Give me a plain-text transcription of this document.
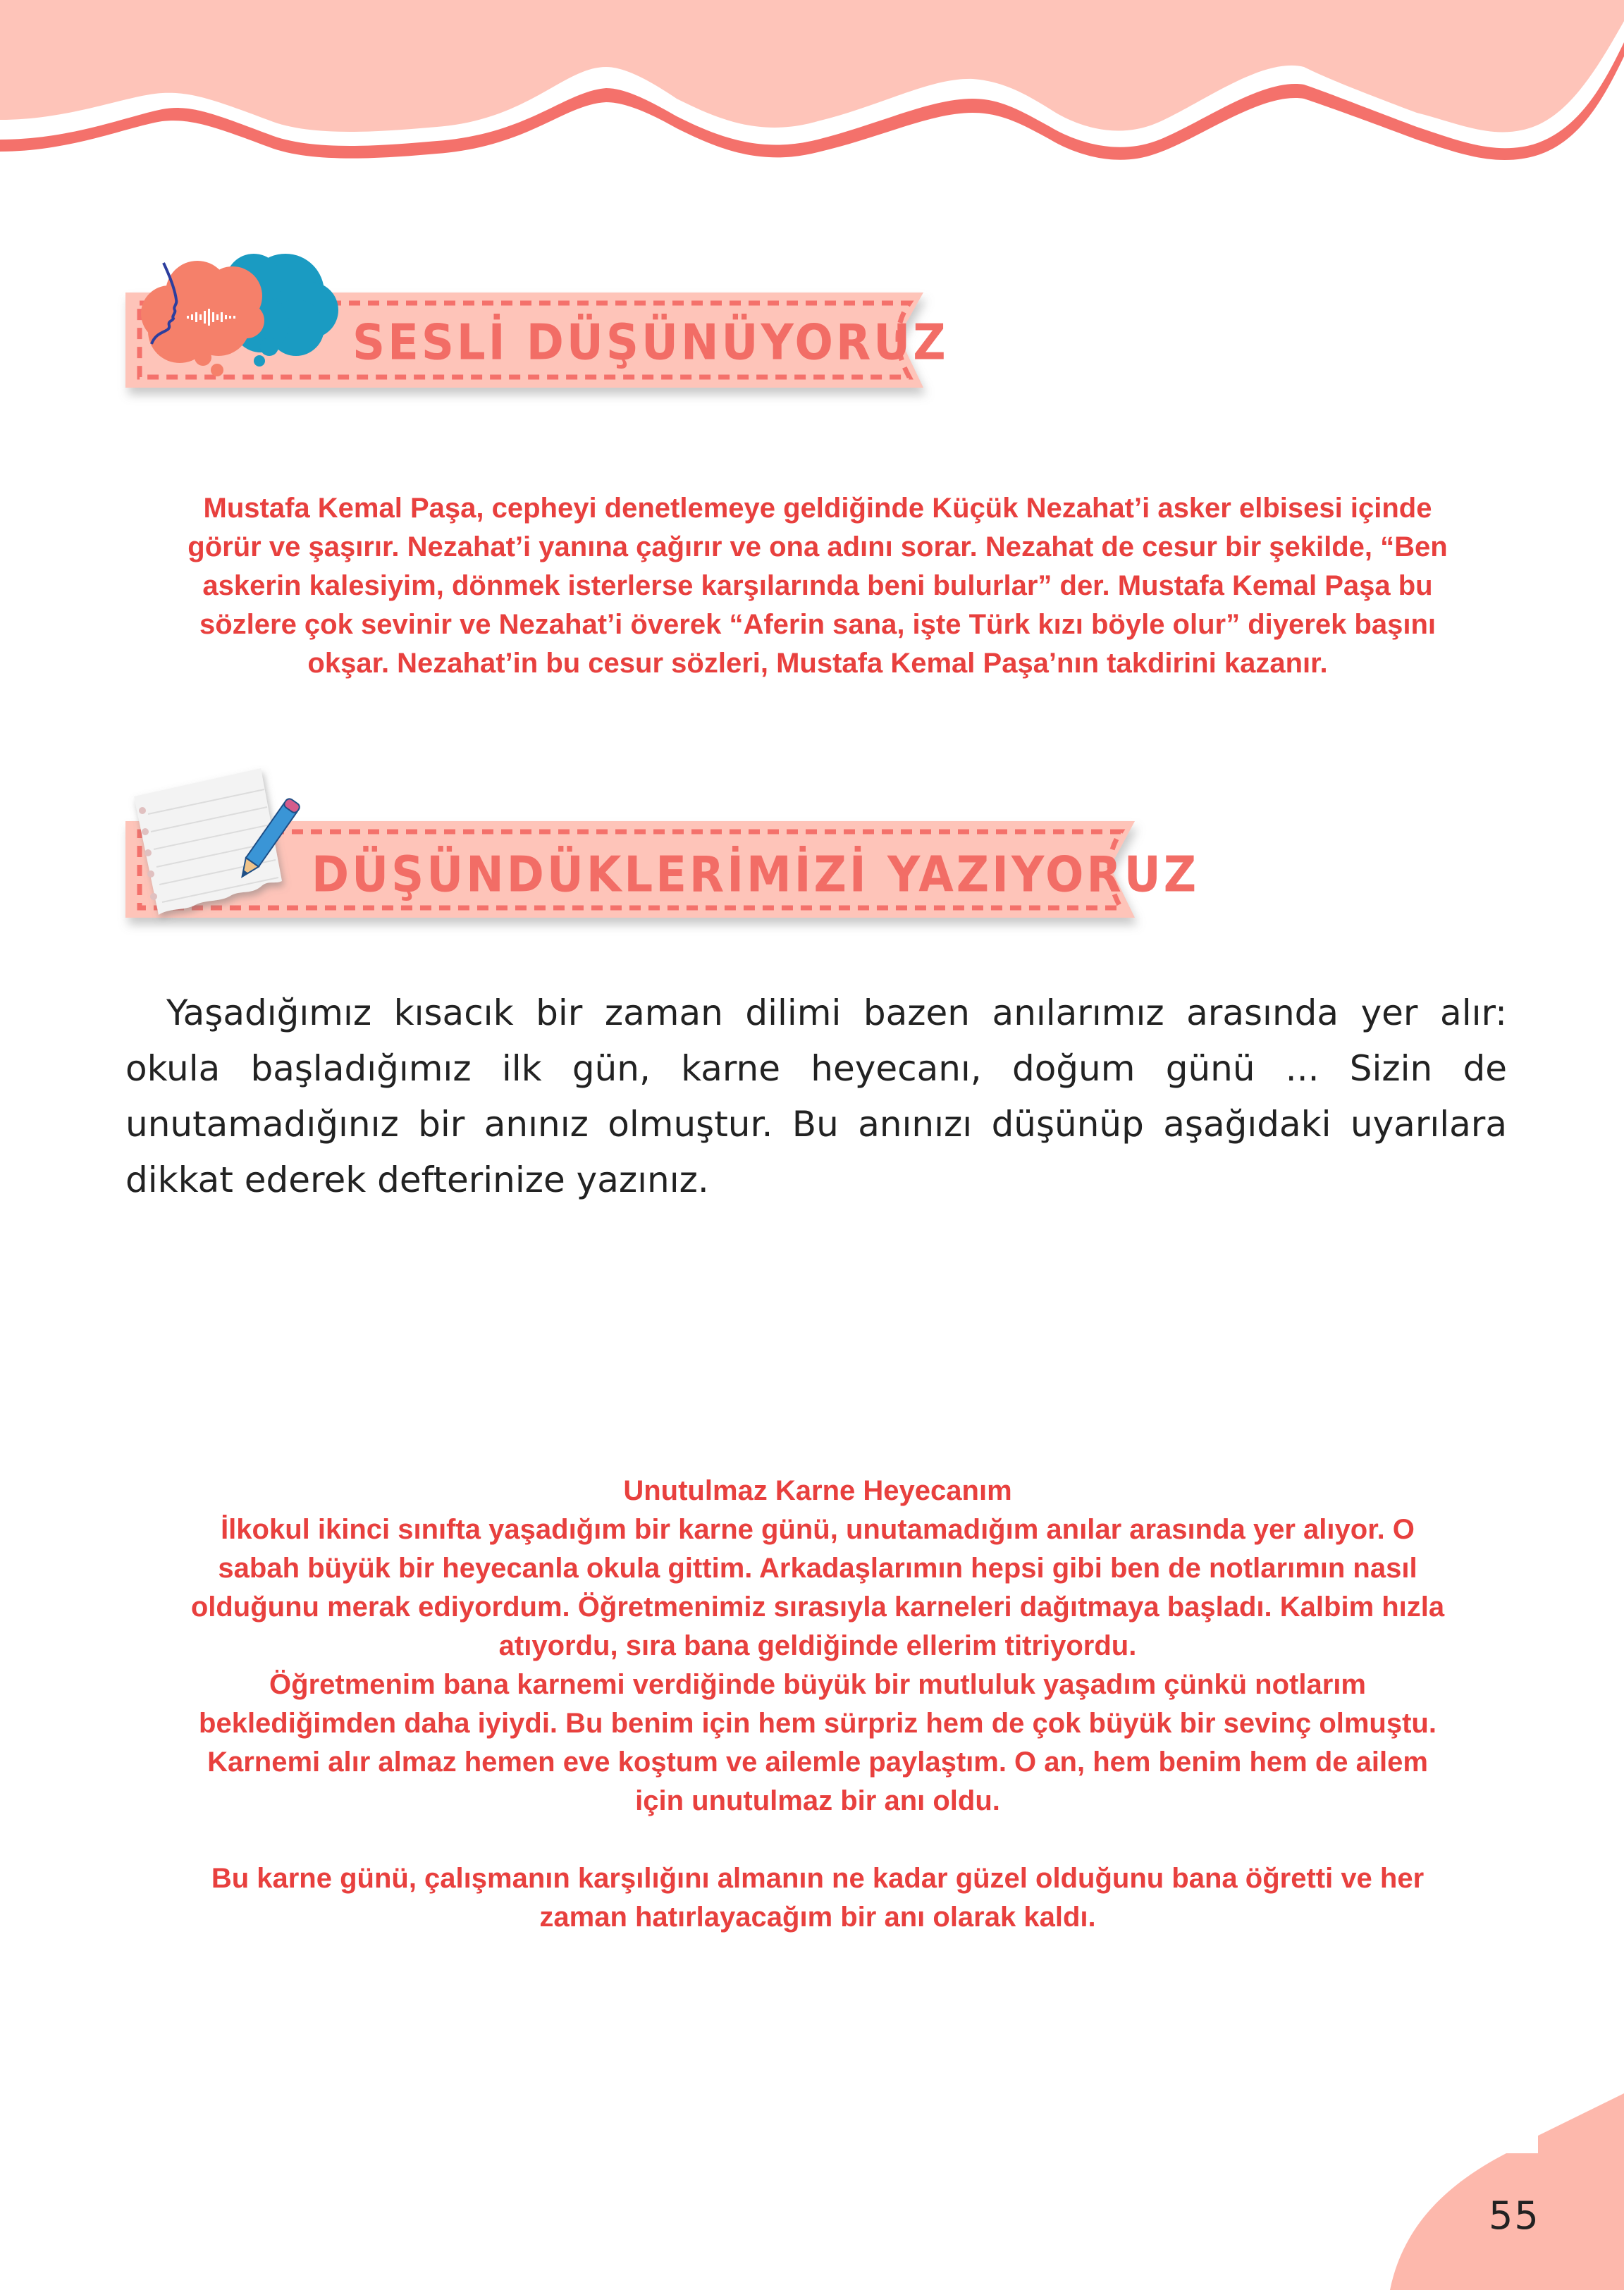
SESLİ DÜŞÜNÜYORUZ
Mustafa Kemal Paşa, cepheyi denetlemeye geldiğinde Küçük Nezahat’i asker elbisesi içinde
görür ve şaşırır. Nezahat’i yanına çağırır ve ona adını sorar. Nezahat de cesur bir şekilde, “Ben
askerin kalesiyim, dönmek isterlerse karşılarında beni bulurlar” der. Mustafa Kemal Paşa bu
sözlere çok sevinir ve Nezahat’i överek “Aferin sana, işte Türk kızı böyle olur” diyerek başını
okşar. Nezahat’in bu cesur sözleri, Mustafa Kemal Paşa’nın takdirini kazanır.
DÜŞÜNDÜKLERİMİZİ YAZIYORUZ
Yaşadığımız kısacık bir zaman dilimi bazen anılarımız arasında yer alır: okula başladığımız ilk gün, karne heyecanı, doğum günü ... Sizin de unutamadığınız bir anınız olmuştur. Bu anınızı düşünüp aşağıdaki uyarılara dikkat ederek defterinize yazınız.

Unutulmaz Karne Heyecanım

İlkokul ikinci sınıfta yaşadığım bir karne günü, unutamadığım anılar arasında yer alıyor. O

sabah büyük bir heyecanla okula gittim. Arkadaşlarımın hepsi gibi ben de notlarımın nasıl

olduğunu merak ediyordum. Öğretmenimiz sırasıyla karneleri dağıtmaya başladı. Kalbim hızla

atıyordu, sıra bana geldiğinde ellerim titriyordu.

Öğretmenim bana karnemi verdiğinde büyük bir mutluluk yaşadım çünkü notlarım

beklediğimden daha iyiydi. Bu benim için hem sürpriz hem de çok büyük bir sevinç olmuştu.

Karnemi alır almaz hemen eve koştum ve ailemle paylaştım. O an, hem benim hem de ailem

için unutulmaz bir anı oldu.

Bu karne günü, çalışmanın karşılığını almanın ne kadar güzel olduğunu bana öğretti ve her

zaman hatırlayacağım bir anı olarak kaldı.

55
